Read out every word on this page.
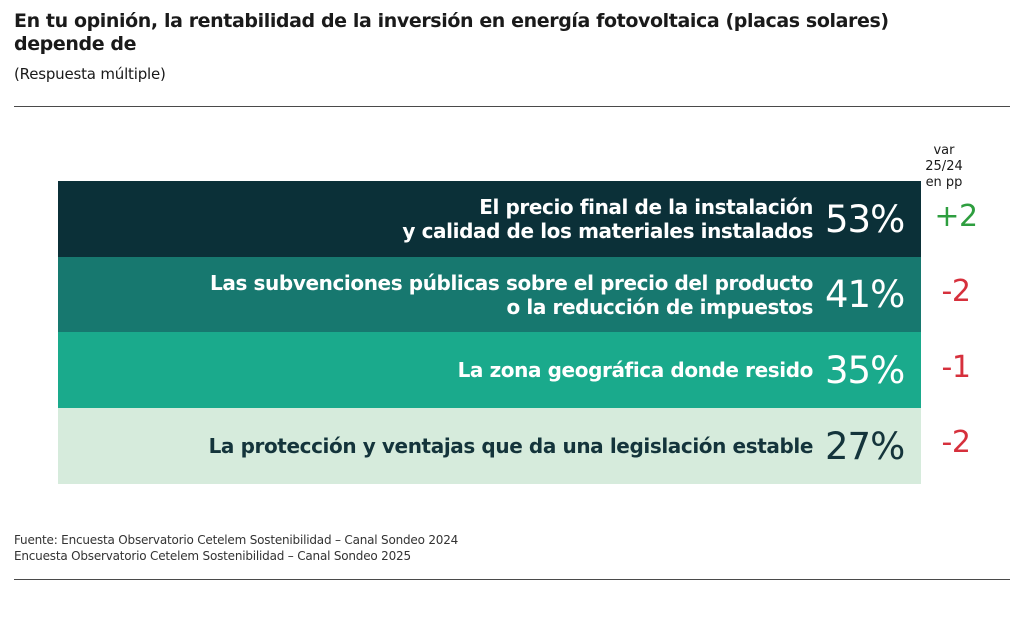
En tu opinión, la rentabilidad de la inversión en energía fotovoltaica (placas solares) depende de
(Respuesta múltiple)
var 25/24
en pp
El precio final de la instalación
y calidad de los materiales instalados 53%
Las subvenciones públicas sobre el precio del producto
o la reducción de impuestos 41%
La zona geográfica donde resido 35%
La protección y ventajas que da una legislación estable 27%
+2
-2
-1
-2
Fuente: Encuesta Observatorio Cetelem Sostenibilidad – Canal Sondeo 2024
Encuesta Observatorio Cetelem Sostenibilidad – Canal Sondeo 2025
